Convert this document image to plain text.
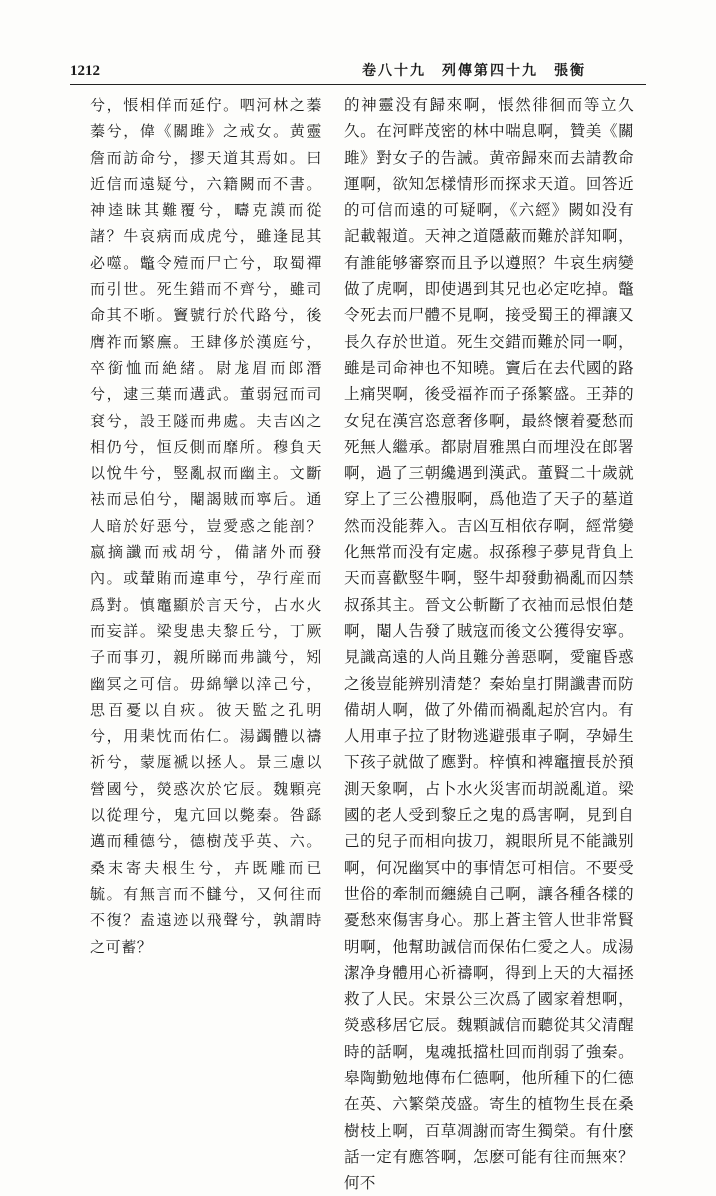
1212	卷八十九　列傳第四十九　張衡

兮，悵相佯而延佇。呬河林之蓁蓁兮，偉《關雎》之戒女。黄靈詹而訪命兮，摎天道其焉如。曰近信而遠疑兮，六籍闕而不書。神逵昧其難覆兮，疇克謨而從諸？牛哀病而成虎兮，雖逢昆其必噬。鼈令殪而尸亡兮，取蜀禪而引世。死生錯而不齊兮，雖司命其不晣。竇號行於代路兮，後膺祚而繁廡。王肆侈於漢庭兮，卒銜恤而絶緒。尉尨眉而郎潛兮，逮三葉而遘武。董弱冠而司袞兮，設王隧而弗處。夫吉凶之相仍兮，恒反側而靡所。穆負天以悅牛兮，竪亂叔而幽主。文斷袪而忌伯兮，閹謁賊而寧后。通人暗於好惡兮，豈愛惑之能剖？嬴摘讖而戒胡兮，備諸外而發內。或輦賄而違車兮，孕行産而爲對。慎竈顯於言天兮，占水火而妄詳。梁叟患夫黎丘兮，丁厥子而事刃，親所睇而弗識兮，矧幽冥之可信。毋綿攣以涬己兮，思百憂以自疢。彼天監之孔明兮，用棐忱而佑仁。湯蠲體以禱祈兮，蒙厖褫以拯人。景三慮以營國兮，熒惑次於它辰。魏顆亮以從理兮，鬼亢回以斃秦。咎繇邁而種德兮，德樹茂乎英、六。桑末寄夫根生兮，卉既雕而已毓。有無言而不讎兮，又何往而不復？盍遠迹以飛聲兮，孰謂時之可蓄？

的神靈没有歸來啊，悵然徘徊而等立久久。在河畔茂密的林中喘息啊，贊美《關雎》對女子的告誡。黄帝歸來而去請教命運啊，欲知怎樣情形而探求天道。回答近的可信而遠的可疑啊，《六經》闕如没有記載報道。天神之道隱蔽而難於詳知啊，有誰能够審察而且予以遵照？牛哀生病變做了虎啊，即使遇到其兄也必定吃掉。鼈令死去而尸體不見啊，接受蜀王的禪讓又長久存於世道。死生交錯而難於同一啊，雖是司命神也不知曉。竇后在去代國的路上痛哭啊，後受福祚而子孫繁盛。王莽的女兒在漢宫恣意奢侈啊，最終懷着憂愁而死無人繼承。都尉眉雅黑白而埋没在郎署啊，過了三朝纔遇到漢武。董賢二十歲就穿上了三公禮服啊，爲他造了天子的墓道然而没能葬入。吉凶互相依存啊，經常變化無常而没有定處。叔孫穆子夢見背負上天而喜歡竪牛啊，竪牛却發動禍亂而囚禁叔孫其主。晉文公斬斷了衣袖而忌恨伯楚啊，閹人告發了賊寇而後文公獲得安寧。見識高遠的人尚且難分善惡啊，愛寵昏惑之後豈能辨别清楚？秦始皇打開讖書而防備胡人啊，做了外備而禍亂起於宫内。有人用車子拉了財物逃避張車子啊，孕婦生下孩子就做了應對。梓慎和裨竈擅長於預測天象啊，占卜水火災害而胡説亂道。梁國的老人受到黎丘之鬼的爲害啊，見到自己的兒子而相向拔刀，親眼所見不能識别啊，何况幽冥中的事情怎可相信。不要受世俗的牽制而纏繞自己啊，讓各種各樣的憂愁來傷害身心。那上蒼主管人世非常賢明啊，他幫助誠信而保佑仁愛之人。成湯潔净身體用心祈禱啊，得到上天的大福拯救了人民。宋景公三次爲了國家着想啊，熒惑移居它辰。魏顆誠信而聽從其父清醒時的話啊，鬼魂抵擋杜回而削弱了強秦。皋陶勤勉地傳布仁德啊，他所種下的仁德在英、六繁榮茂盛。寄生的植物生長在桑樹枝上啊，百草凋謝而寄生獨榮。有什麼話一定有應答啊，怎麽可能有往而無來？何不
